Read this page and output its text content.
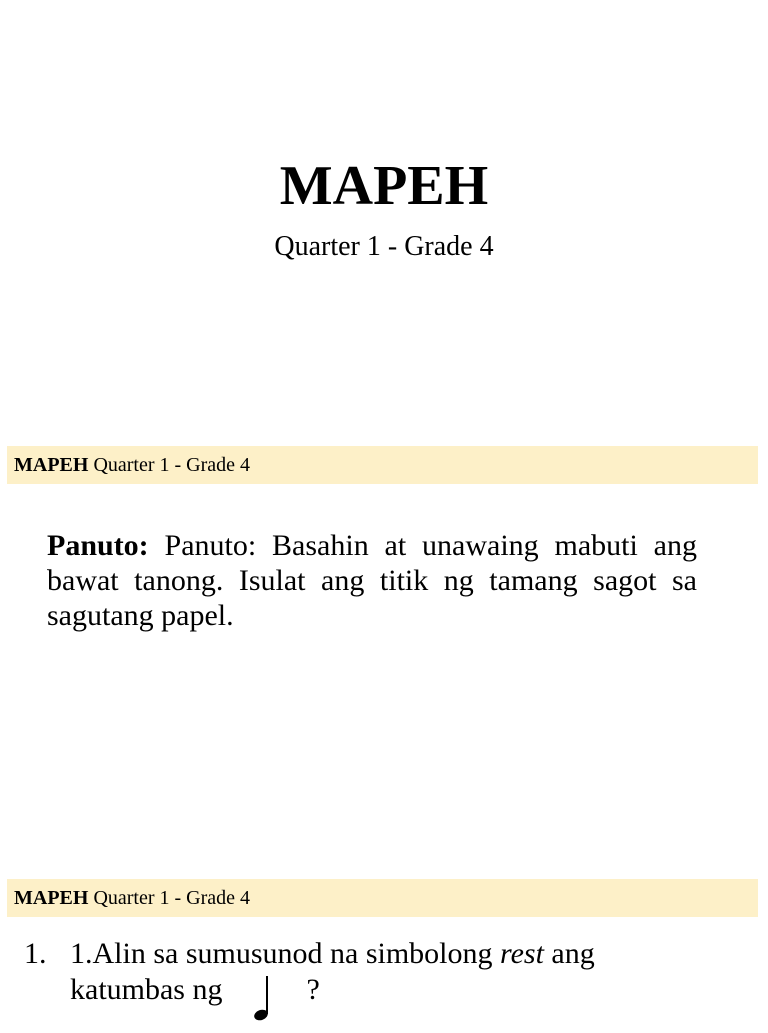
MAPEH
Quarter 1 - Grade 4
MAPEH Quarter 1 - Grade 4

Panuto: Panuto: Basahin at unawaing mabuti ang bawat tanong. Isulat ang titik ng tamang sagot sa sagutang papel.

MAPEH Quarter 1 - Grade 4
1. 1.Alin sa sumusunod na simbolong rest ang
katumbas ng	?
